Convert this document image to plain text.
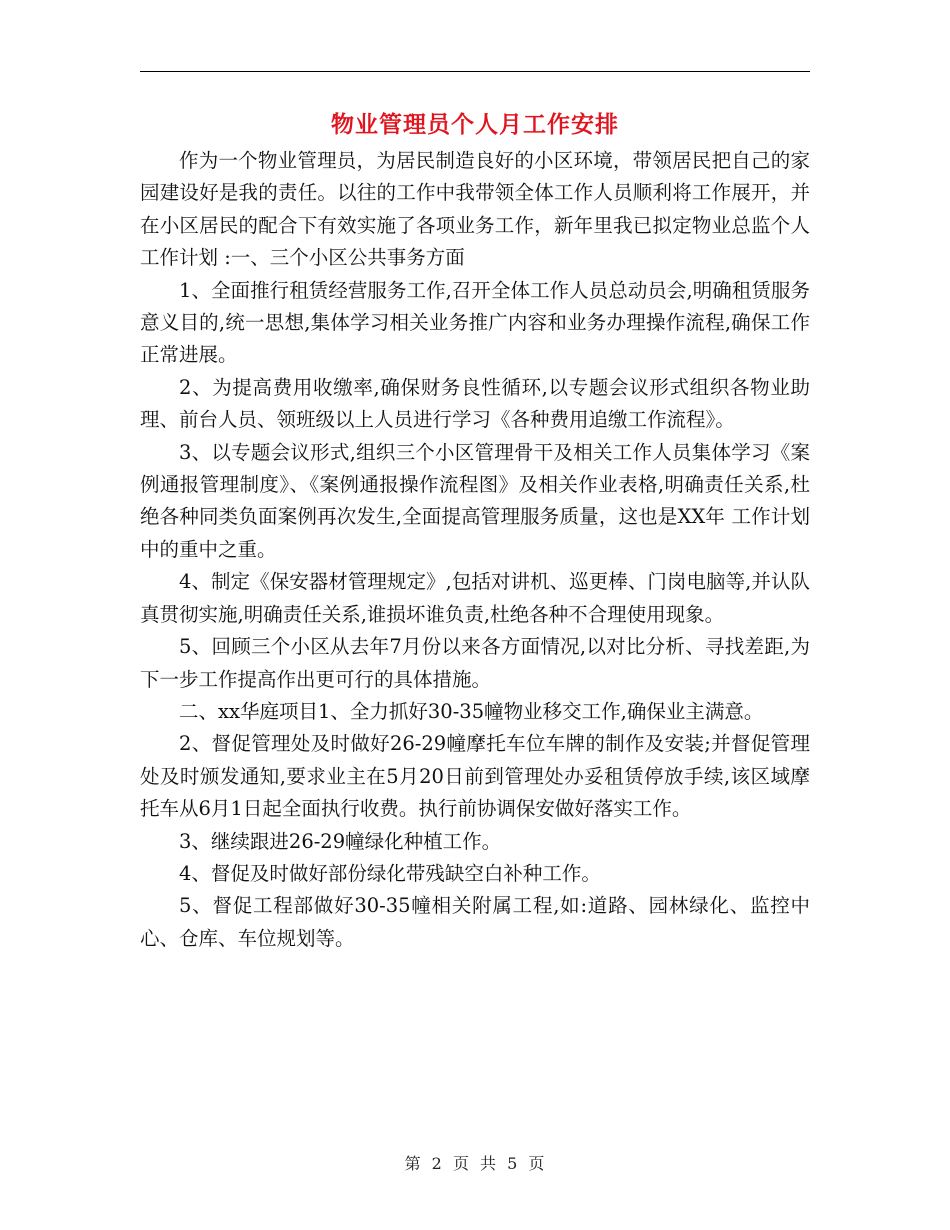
物业管理员个人月工作安排

作为一个物业管理员，为居民制造良好的小区环境，带领居民把自己的家园建设好是我的责任。以往的工作中我带领全体工作人员顺利将工作展开，并在小区居民的配合下有效实施了各项业务工作，新年里我已拟定物业总监个人 工作计划 :一、三个小区公共事务方面

1、全面推行租赁经营服务工作,召开全体工作人员总动员会,明确租赁服务意义目的,统一思想,集体学习相关业务推广内容和业务办理操作流程,确保工作正常进展。

2、为提高费用收缴率,确保财务良性循环,以专题会议形式组织各物业助理、前台人员、领班级以上人员进行学习《各种费用追缴工作流程》。

3、以专题会议形式,组织三个小区管理骨干及相关工作人员集体学习《案例通报管理制度》、《案例通报操作流程图》及相关作业表格,明确责任关系,杜绝各种同类负面案例再次发生,全面提高管理服务质量，这也是XX年 工作计划 中的重中之重。

4、制定《保安器材管理规定》,包括对讲机、巡更棒、门岗电脑等,并认队真贯彻实施,明确责任关系,谁损坏谁负责,杜绝各种不合理使用现象。

5、回顾三个小区从去年7月份以来各方面情况,以对比分析、寻找差距,为下一步工作提高作出更可行的具体措施。

二、xx华庭项目1、全力抓好30-35幢物业移交工作,确保业主满意。

2、督促管理处及时做好26-29幢摩托车位车牌的制作及安装;并督促管理处及时颁发通知,要求业主在5月20日前到管理处办妥租赁停放手续,该区域摩托车从6月1日起全面执行收费。执行前协调保安做好落实工作。

3、继续跟进26-29幢绿化种植工作。

4、督促及时做好部份绿化带残缺空白补种工作。

5、督促工程部做好30-35幢相关附属工程,如:道路、园林绿化、监控中心、仓库、车位规划等。

第 2 页 共 5 页
